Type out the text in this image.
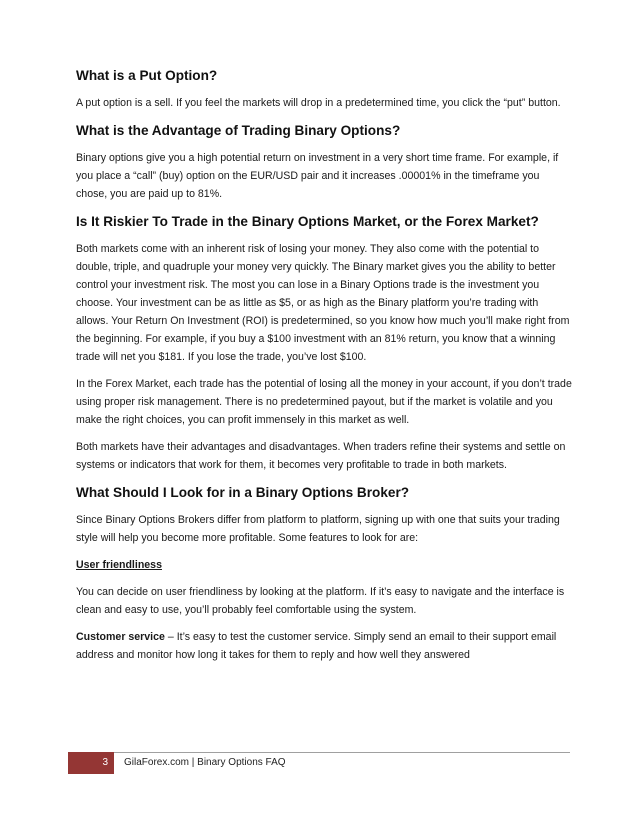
What is a Put Option?

A put option is a sell. If you feel the markets will drop in a predetermined time, you click the “put” button.

What is the Advantage of Trading Binary Options?

Binary options give you a high potential return on investment in a very short time frame. For example, if you place a “call” (buy) option on the EUR/USD pair and it increases .00001% in the timeframe you chose, you are paid up to 81%.

Is It Riskier To Trade in the Binary Options Market, or the Forex Market?

Both markets come with an inherent risk of losing your money. They also come with the potential to double, triple, and quadruple your money very quickly. The Binary market gives you the ability to better control your investment risk. The most you can lose in a Binary Options trade is the investment you choose. Your investment can be as little as $5, or as high as the Binary platform you’re trading with allows. Your Return On Investment (ROI) is predetermined, so you know how much you’ll make right from the beginning. For example, if you buy a $100 investment with an 81% return, you know that a winning trade will net you $181. If you lose the trade, you’ve lost $100.

In the Forex Market, each trade has the potential of losing all the money in your account, if you don’t trade using proper risk management. There is no predetermined payout, but if the market is volatile and you make the right choices, you can profit immensely in this market as well.

Both markets have their advantages and disadvantages. When traders refine their systems and settle on systems or indicators that work for them, it becomes very profitable to trade in both markets.

What Should I Look for in a Binary Options Broker?

Since Binary Options Brokers differ from platform to platform, signing up with one that suits your trading style will help you become more profitable. Some features to look for are:

User friendliness

You can decide on user friendliness by looking at the platform. If it’s easy to navigate and the interface is clean and easy to use, you’ll probably feel comfortable using the system.

Customer service – It’s easy to test the customer service. Simply send an email to their support email address and monitor how long it takes for them to reply and how well they answered

3	GilaForex.com | Binary Options FAQ
